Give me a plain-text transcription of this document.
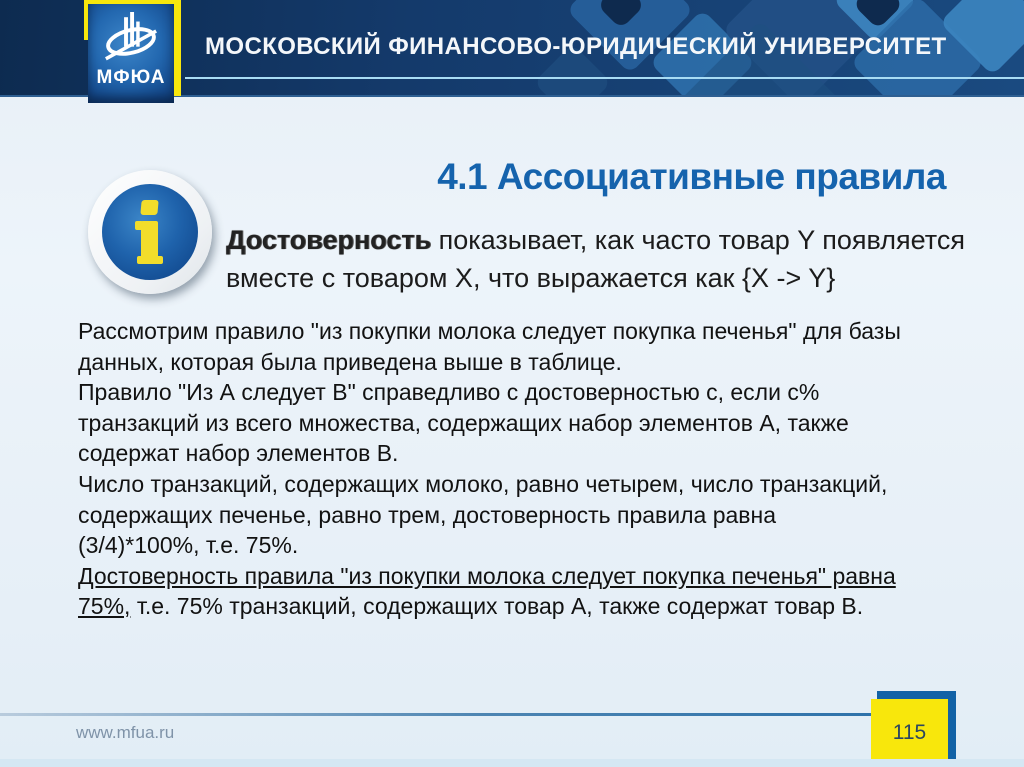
МОСКОВСКИЙ ФИНАНСОВО-ЮРИДИЧЕСКИЙ УНИВЕРСИТЕТ
МФЮА
4.1 Ассоциативные правила
Достоверность показывает, как часто товар Y появляется
вместе с товаром X, что выражается как {X -> Y}
Рассмотрим правило "из покупки молока следует покупка печенья" для базы
данных, которая была приведена выше в таблице.
Правило "Из А следует В" справедливо с достоверностью с, если с%
транзакций из всего множества, содержащих набор элементов А, также
содержат набор элементов В.
Число транзакций, содержащих молоко, равно четырем, число транзакций,
содержащих печенье, равно трем, достоверность правила равна
(3/4)*100%, т.е. 75%.
Достоверность правила "из покупки молока следует покупка печенья" равна
75%, т.е. 75% транзакций, содержащих товар А, также содержат товар В.
www.mfua.ru	115
